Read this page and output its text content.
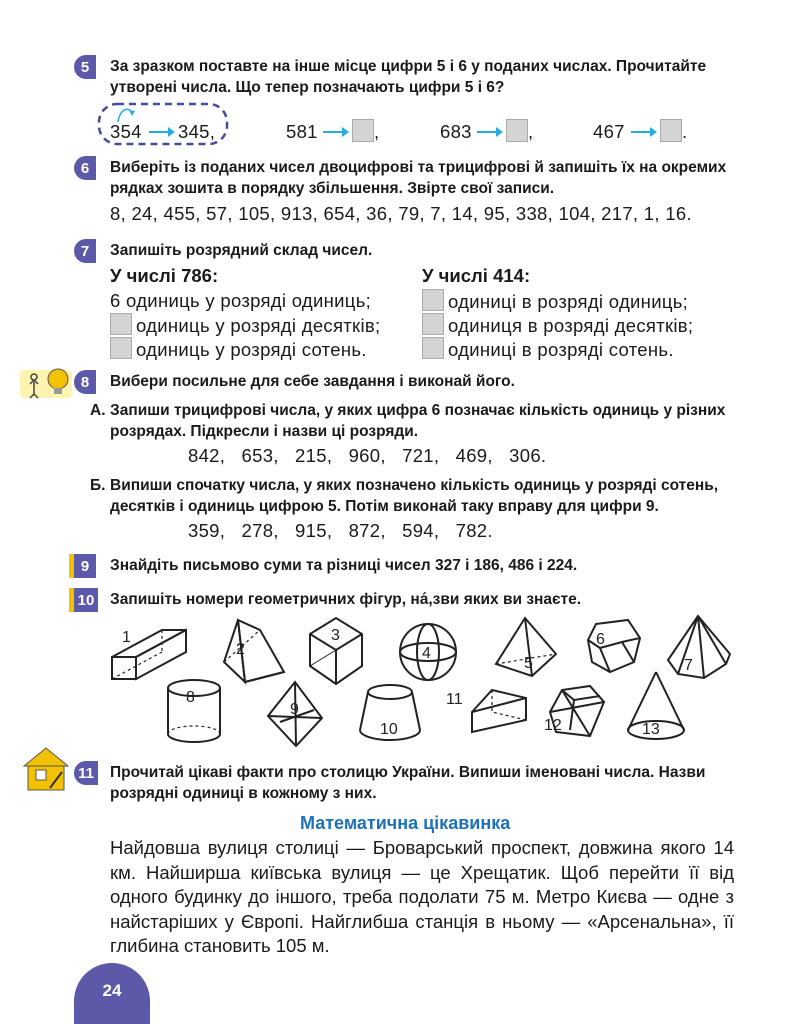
5	За зразком поставте на інше місце цифри 5 і 6 у поданих числах. Прочитайте утворені числа. Що тепер позначають цифри 5 і 6?
354 345,	581	,	683	,	467	.
6	Виберіть із поданих чисел двоцифрові та трицифрові й запишіть їх на окремих рядках зошита в порядку збільшення. Звірте свої записи.
8, 24, 455, 57, 105, 913, 654, 36, 79, 7, 14, 95, 338, 104, 217, 1, 16.
7	Запишіть розрядний склад чисел.
У числі 786:
6 одиниць у розряді одиниць;
одиниць у розряді десятків;
одиниць у розряді сотень.
У числі 414:
одиниці в розряді одиниць;
одиниця в розряді десятків;
одиниці в розряді сотень.
8	Вибери посильне для себе завдання і виконай його.
А. Запиши трицифрові числа, у яких цифра 6 позначає кількість одиниць у різних розрядах. Підкресли і назви ці розряди.
842,   653,   215,   960,   721,   469,   306.
Б. Випиши спочатку числа, у яких позначено кількість одиниць у розряді сотень, десятків і одиниць цифрою 5. Потім виконай таку вправу для цифри 9.
359,   278,   915,   872,   594,   782.
9	Знайдіть письмово суми та різниці чисел 327 і 186, 486 і 224.
10 Запишіть номери геометричних фігур, на́,зви яких ви знаєте.
1
2
3
4
5
6
7
8
9
10
11
12	13
11 Прочитай цікаві факти про столицю України. Випиши іменовані числа. Назви розрядні одиниці в кожному з них.
Математична цікавинка
Найдовша вулиця столиці — Броварський проспект, довжина якого 14 км. Найширша київська вулиця — це Хрещатик. Щоб перейти її від одного будинку до іншого, треба подолати 75 м. Метро Києва — одне з найстаріших у Європі. Найглибша станція в ньому — «Арсенальна», її глибина становить 105 м.
24
